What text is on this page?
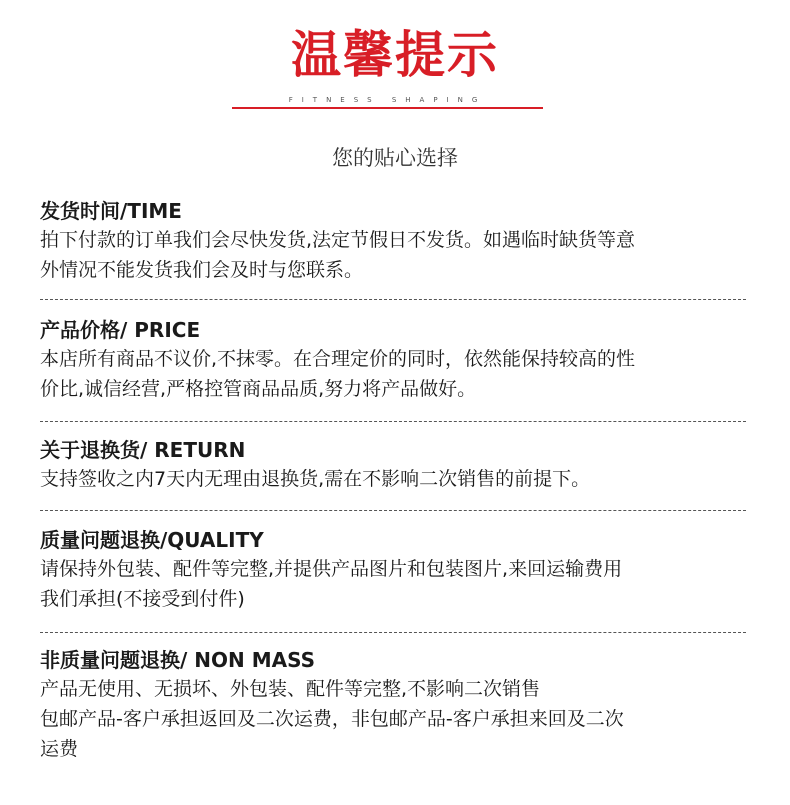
温馨提示
FITNESS SHAPING
您的贴心选择
发货时间/TIME
拍下付款的订单我们会尽快发货,法定节假日不发货。如遇临时缺货等意
外情况不能发货我们会及时与您联系。
产品价格/ PRICE
本店所有商品不议价,不抹零。在合理定价的同时，依然能保持较高的性
价比,诚信经营,严格控管商品品质,努力将产品做好。
关于退换货/ RETURN
支持签收之内7天内无理由退换货,需在不影响二次销售的前提下。
质量问题退换/QUALITY
请保持外包装、配件等完整,并提供产品图片和包装图片,来回运输费用
我们承担(不接受到付件)
非质量问题退换/ NON MASS
产品无使用、无损坏、外包装、配件等完整,不影响二次销售
包邮产品-客户承担返回及二次运费，非包邮产品-客户承担来回及二次
运费
